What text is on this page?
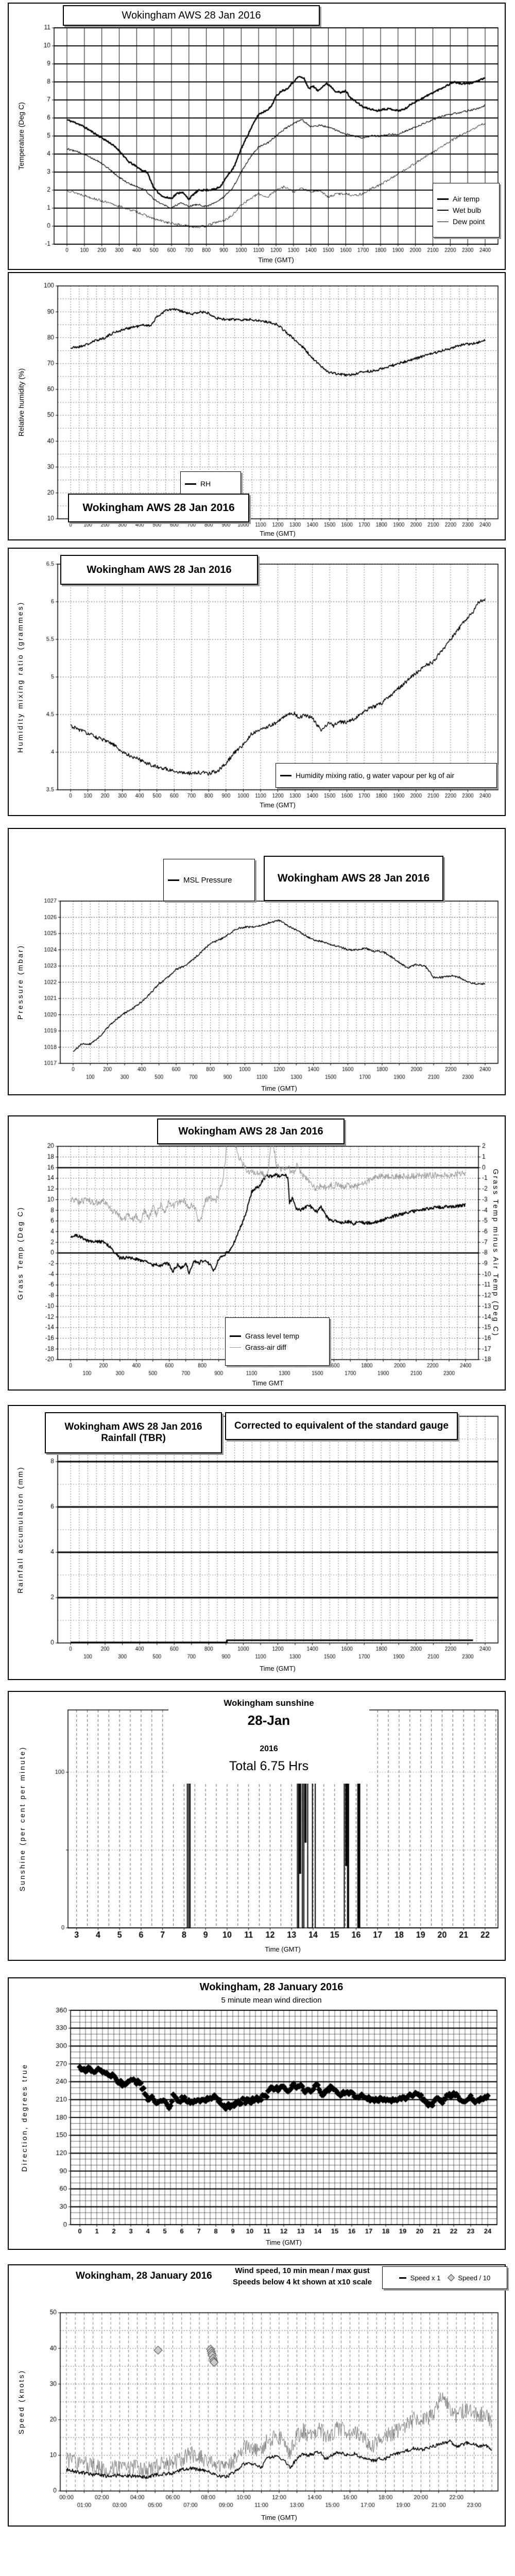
Wokingham AWS 28 Jan 2016
Temperature (Deg C)
Time (GMT)
Air temp
Wet bulb
Dew point
RH
Wokingham AWS 28 Jan 2016
Relative humidity (%)
Time (GMT)
Wokingham AWS 28 Jan 2016
Humidity mixing ratio, g water vapour per kg of air
Humidity mixing ratio (grammes)
Time (GMT)
MSL Pressure	Wokingham AWS 28 Jan 2016
Pressure (mbar)
Time (GMT)
Wokingham AWS 28 Jan 2016
Grass level temp
Grass-air diff
Grass Temp (Deg C)	Grass Temp minus Air Temp (Deg C)
Time GMT
Wokingham AWS 28 Jan 2016
Rainfall (TBR)
Corrected to equivalent of the standard gauge
Rainfall accumulation (mm)
Time (GMT)
Wokingham sunshine
28-Jan
2016
Total 6.75 Hrs
Sunshine (per cent per minute)
Time (GMT)
Wokingham, 28 January 2016
5 minute mean wind direction
Direction, degrees true
Time (GMT)
Wokingham, 28 January 2016	Wind speed, 10 min mean / max gust
Speeds below 4 kt shown at x10 scale	Speed x 1	Speed / 10
Speed (knots)
Time (GMT)
